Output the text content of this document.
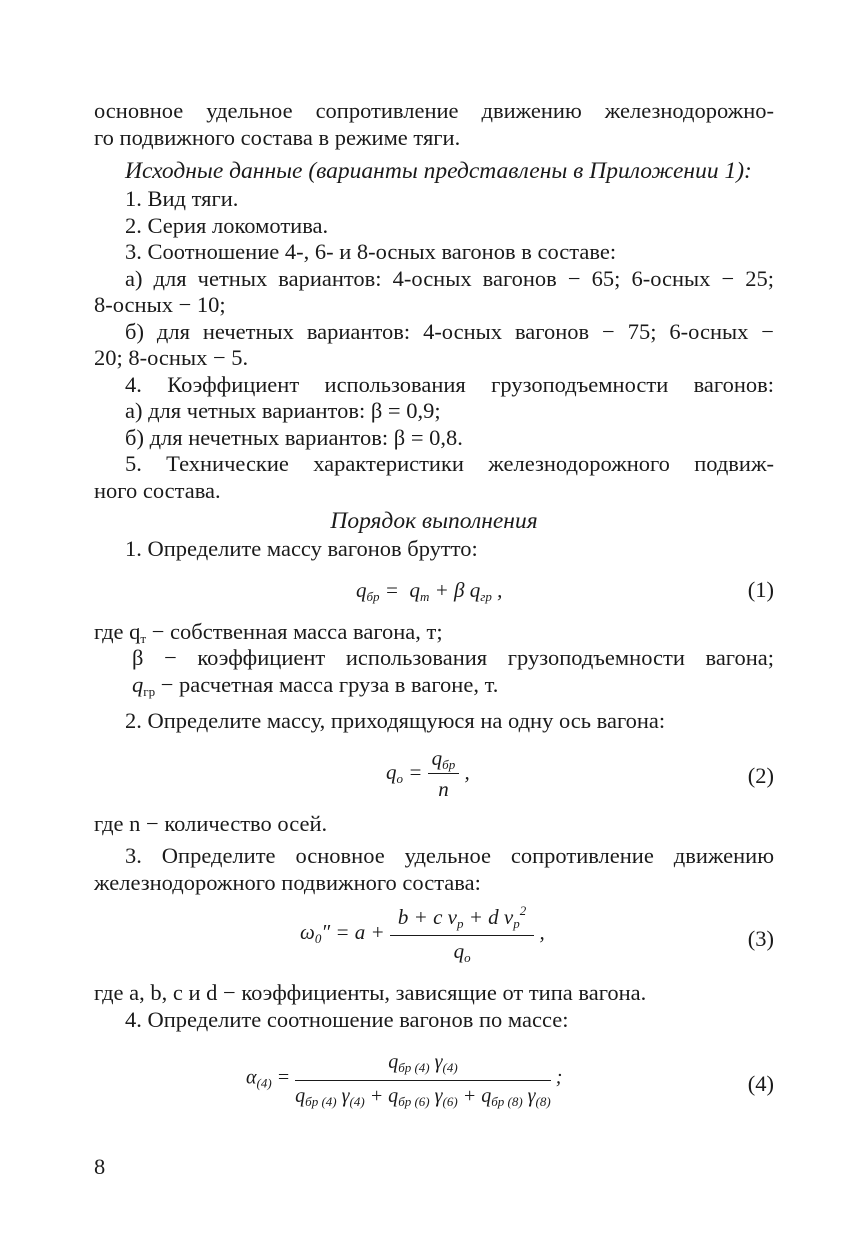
основное удельное сопротивление движению железнодорожно-
го подвижного состава в режиме тяги.
Исходные данные (варианты представлены в Приложении 1):
1. Вид тяги.
2. Серия локомотива.
3. Соотношение 4-, 6- и 8-осных вагонов в составе:
а) для четных вариантов: 4-осных вагонов − 65; 6-осных − 25;
8-осных − 10;
б) для нечетных вариантов: 4-осных вагонов − 75; 6-осных −
20; 8-осных − 5.
4. Коэффициент использования грузоподъемности вагонов:
а) для четных вариантов: β = 0,9;
б) для нечетных вариантов: β = 0,8.
5. Технические характеристики железнодорожного подвиж-
ного состава.
Порядок выполнения
1. Определите массу вагонов брутто:
$q_{бр} = q_т + \beta$ $q_{гр}$ ,	(1)
где $q_т$ − собственная масса вагона, т;
β − коэффициент использования грузоподъемности вагона;
$q_{гр}$ − расчетная масса груза в вагоне, т.
2. Определите массу, приходящуюся на одну ось вагона:
$q_о = \frac{q_{бр}}{n}$ ,	(2)
где n − количество осей.
3. Определите основное удельное сопротивление движению
железнодорожного подвижного состава:
$\omega_0'' = a + \frac{b + c v_р + d v_р^2}{q_о}$ ,	(3)
где a, b, c и d − коэффициенты, зависящие от типа вагона.
4. Определите соотношение вагонов по массе:
$\alpha_{(4)} = \frac{q_{бр (4)} \gamma_{(4)}}{q_{бр (4)} \gamma_{(4)} + q_{бр (6)} \gamma_{(6)} + q_{бр (8)} \gamma_{(8)}}$ ;	(4)
8
